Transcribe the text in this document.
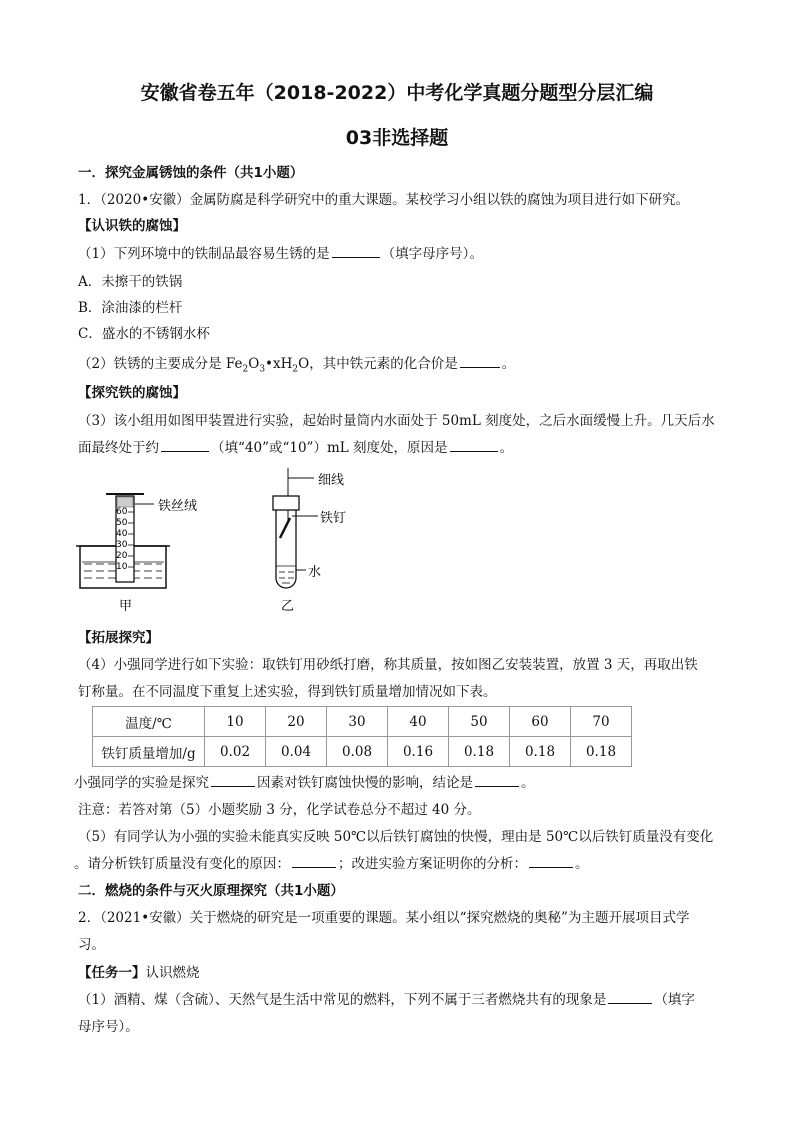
安徽省卷五年（2018-2022）中考化学真题分题型分层汇编
03非选择题
一．探究金属锈蚀的条件（共1小题）
1．（2020•安徽）金属防腐是科学研究中的重大课题。某校学习小组以铁的腐蚀为项目进行如下研究。
【认识铁的腐蚀】
（1）下列环境中的铁制品最容易生锈的是	（填字母序号）。
A．未擦干的铁锅
B．涂油漆的栏杆
C．盛水的不锈钢水杯
（2）铁锈的主要成分是 $Fe_2O_3•xH_2O$，其中铁元素的化合价是	。
【探究铁的腐蚀】
（3）该小组用如图甲装置进行实验，起始时量筒内水面处于 50mL 刻度处，之后水面缓慢上升。几天后水
面最终处于约	（填“40”或“10”）mL 刻度处，原因是	。
60
50
40
30
20
10
铁丝绒
甲
细线
铁钉
水
乙
【拓展探究】
（4）小强同学进行如下实验：取铁钉用砂纸打磨，称其质量，按如图乙安装装置，放置 3 天，再取出铁
钉称量。在不同温度下重复上述实验，得到铁钉质量增加情况如下表。
温度/℃	10	20	30	40	50	60	70
铁钉质量增加/g	0.02	0.04	0.08	0.16	0.18	0.18	0.18
小强同学的实验是探究	因素对铁钉腐蚀快慢的影响，结论是	。
注意：若答对第（5）小题奖励 3 分，化学试卷总分不超过 40 分。
（5）有同学认为小强的实验未能真实反映 50℃以后铁钉腐蚀的快慢，理由是 50℃以后铁钉质量没有变化
。请分析铁钉质量没有变化的原因：	；改进实验方案证明你的分析：	。
二．燃烧的条件与灭火原理探究（共1小题）
2．（2021•安徽）关于燃烧的研究是一项重要的课题。某小组以“探究燃烧的奥秘”为主题开展项目式学
习。
【任务一】认识燃烧
（1）酒精、煤（含硫）、天然气是生活中常见的燃料，下列不属于三者燃烧共有的现象是	（填字
母序号）。
